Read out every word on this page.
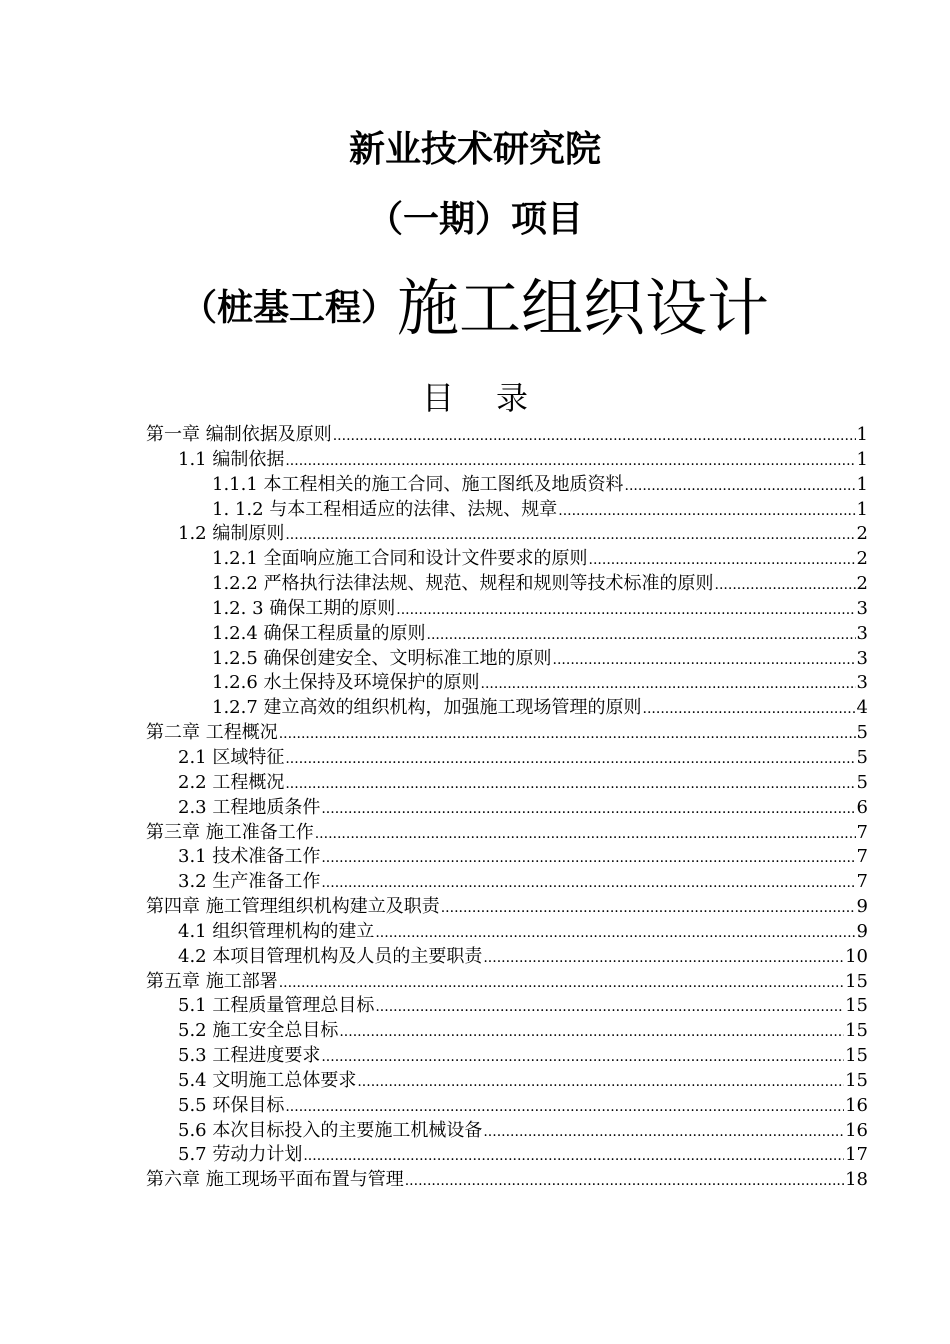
新业技术研究院
（一期）项目
（桩基工程）施工组织设计
目录
第一章 编制依据及原则 .....	1
1.1 编制依据 .....	1
1.1.1 本工程相关的施工合同、施工图纸及地质资料 .....	1
1. 1.2 与本工程相适应的法律、法规、规章 .....	1
1.2 编制原则 .....	2
1.2.1 全面响应施工合同和设计文件要求的原则 .....	2
1.2.2 严格执行法律法规、规范、规程和规则等技术标准的原则 .....	2
1.2. 3 确保工期的原则 .....	3
1.2.4 确保工程质量的原则 .....	3
1.2.5 确保创建安全、文明标准工地的原则 .....	3
1.2.6 水土保持及环境保护的原则 .....	3
1.2.7 建立高效的组织机构，加强施工现场管理的原则 .....	4
第二章 工程概况 .....	5
2.1 区域特征 .....	5
2.2 工程概况 .....	5
2.3 工程地质条件 .....	6
第三章 施工准备工作 .....	7
3.1 技术准备工作 .....	7
3.2 生产准备工作 .....	7
第四章 施工管理组织机构建立及职责 .....	9
4.1 组织管理机构的建立 .....	9
4.2 本项目管理机构及人员的主要职责 .....	10
第五章 施工部署 .....	15
5.1 工程质量管理总目标 .....	15
5.2 施工安全总目标 .....	15
5.3 工程进度要求 .....	15
5.4 文明施工总体要求 .....	15
5.5 环保目标 .....	16
5.6 本次目标投入的主要施工机械设备 .....	16
5.7 劳动力计划 .....	17
第六章 施工现场平面布置与管理 .....	18
